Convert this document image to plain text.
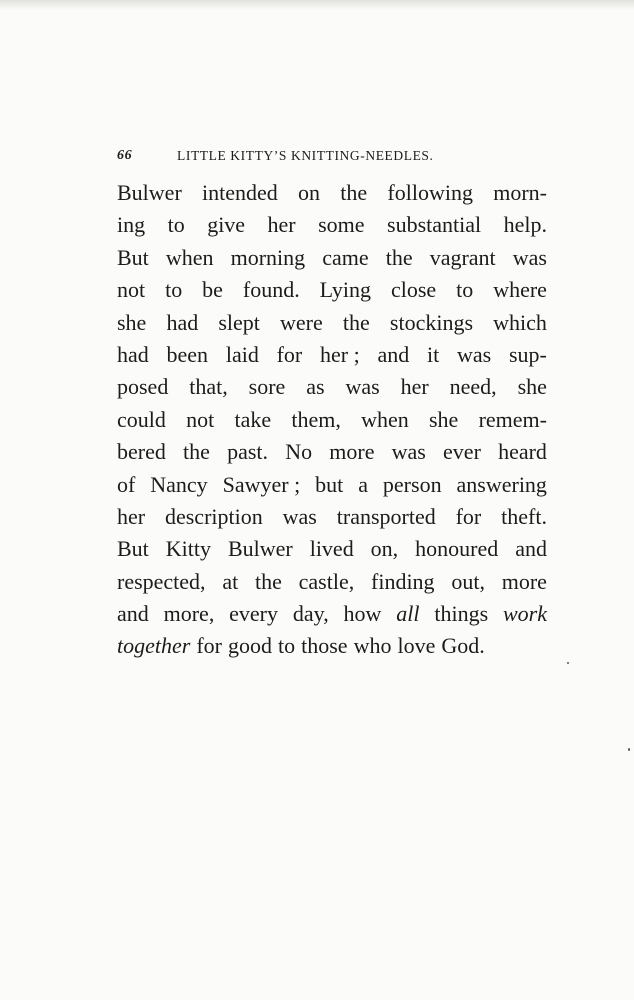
66	LITTLE KITTY’S KNITTING-NEEDLES.
Bulwer intended on the following morn-
ing to give her some substantial help.
But when morning came the vagrant was
not to be found. Lying close to where
she had slept were the stockings which
had been laid for her ; and it was sup-
posed that, sore as was her need, she
could not take them, when she remem-
bered the past. No more was ever heard
of Nancy Sawyer ; but a person answering
her description was transported for theft.
But Kitty Bulwer lived on, honoured and
respected, at the castle, finding out, more
and more, every day, how all things work
together for good to those who love God.
